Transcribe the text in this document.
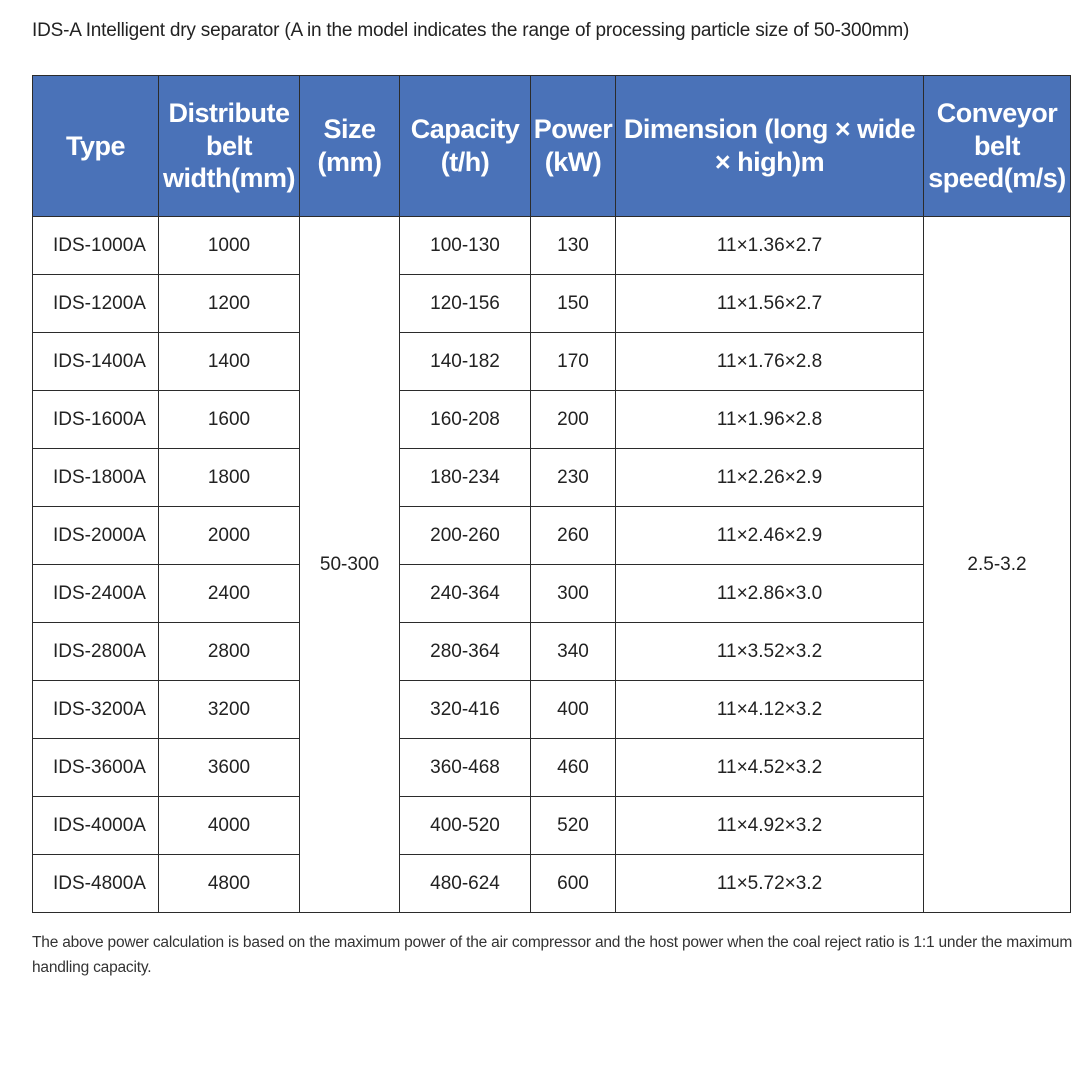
IDS-A Intelligent dry separator (A in the model indicates the range of processing particle size of 50-300mm)
Type	Distribute belt width(mm)	Size (mm)	Capacity (t/h)	Power (kW)	Dimension (long × wide × high)m	Conveyor belt speed(m/s)
IDS-1000A	1000	50-300	100-130	130	11×1.36×2.7	2.5-3.2
IDS-1200A	1200		120-156	150	11×1.56×2.7	
IDS-1400A	1400		140-182	170	11×1.76×2.8	
IDS-1600A	1600		160-208	200	11×1.96×2.8	
IDS-1800A	1800		180-234	230	11×2.26×2.9	
IDS-2000A	2000		200-260	260	11×2.46×2.9	
IDS-2400A	2400		240-364	300	11×2.86×3.0	
IDS-2800A	2800		280-364	340	11×3.52×3.2	
IDS-3200A	3200		320-416	400	11×4.12×3.2	
IDS-3600A	3600		360-468	460	11×4.52×3.2	
IDS-4000A	4000		400-520	520	11×4.92×3.2	
IDS-4800A	4800		480-624	600	11×5.72×3.2	
The above power calculation is based on the maximum power of the air compressor and the host power when the coal reject ratio is 1:1 under the maximum handling capacity.
